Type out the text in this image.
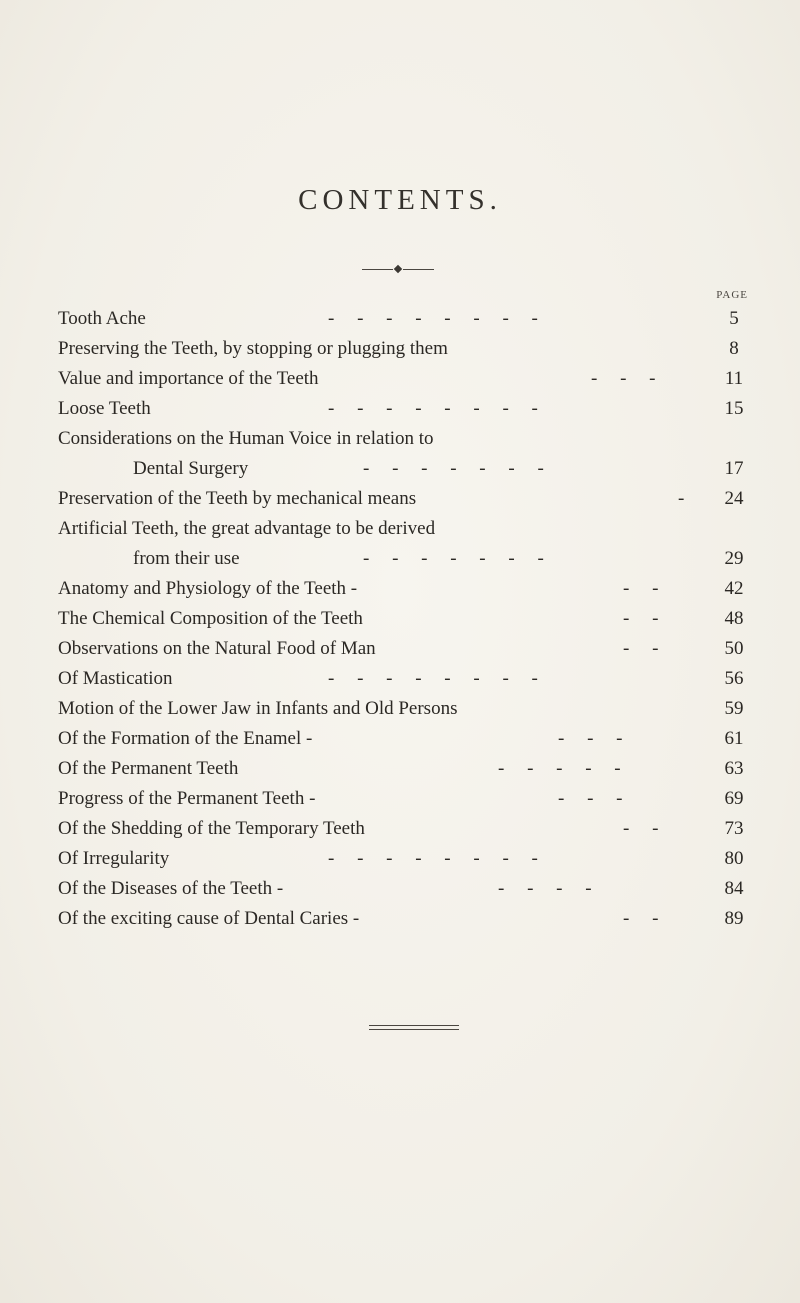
CONTENTS.
PAGE
Tooth Ache	- - - - - - - -	5
Preserving the Teeth, by stopping or plugging them	8
Value and importance of the Teeth	- - -	11
Loose Teeth	- - - - - - - -	15
Considerations on the Human Voice in relation to
Dental Surgery	- - - - - - -	17
Preservation of the Teeth by mechanical means	-	24
Artificial Teeth, the great advantage to be derived
from their use	- - - - - - -	29
Anatomy and Physiology of the Teeth -	- -	42
The Chemical Composition of the Teeth	- -	48
Observations on the Natural Food of Man	- -	50
Of Mastication	- - - - - - - -	56
Motion of the Lower Jaw in Infants and Old Persons	59
Of the Formation of the Enamel -	- - -	61
Of the Permanent Teeth	- - - - -	63
Progress of the Permanent Teeth -	- - -	69
Of the Shedding of the Temporary Teeth	- -	73
Of Irregularity	- - - - - - - -	80
Of the Diseases of the Teeth -	- - - -	84
Of the exciting cause of Dental Caries -	- -	89
